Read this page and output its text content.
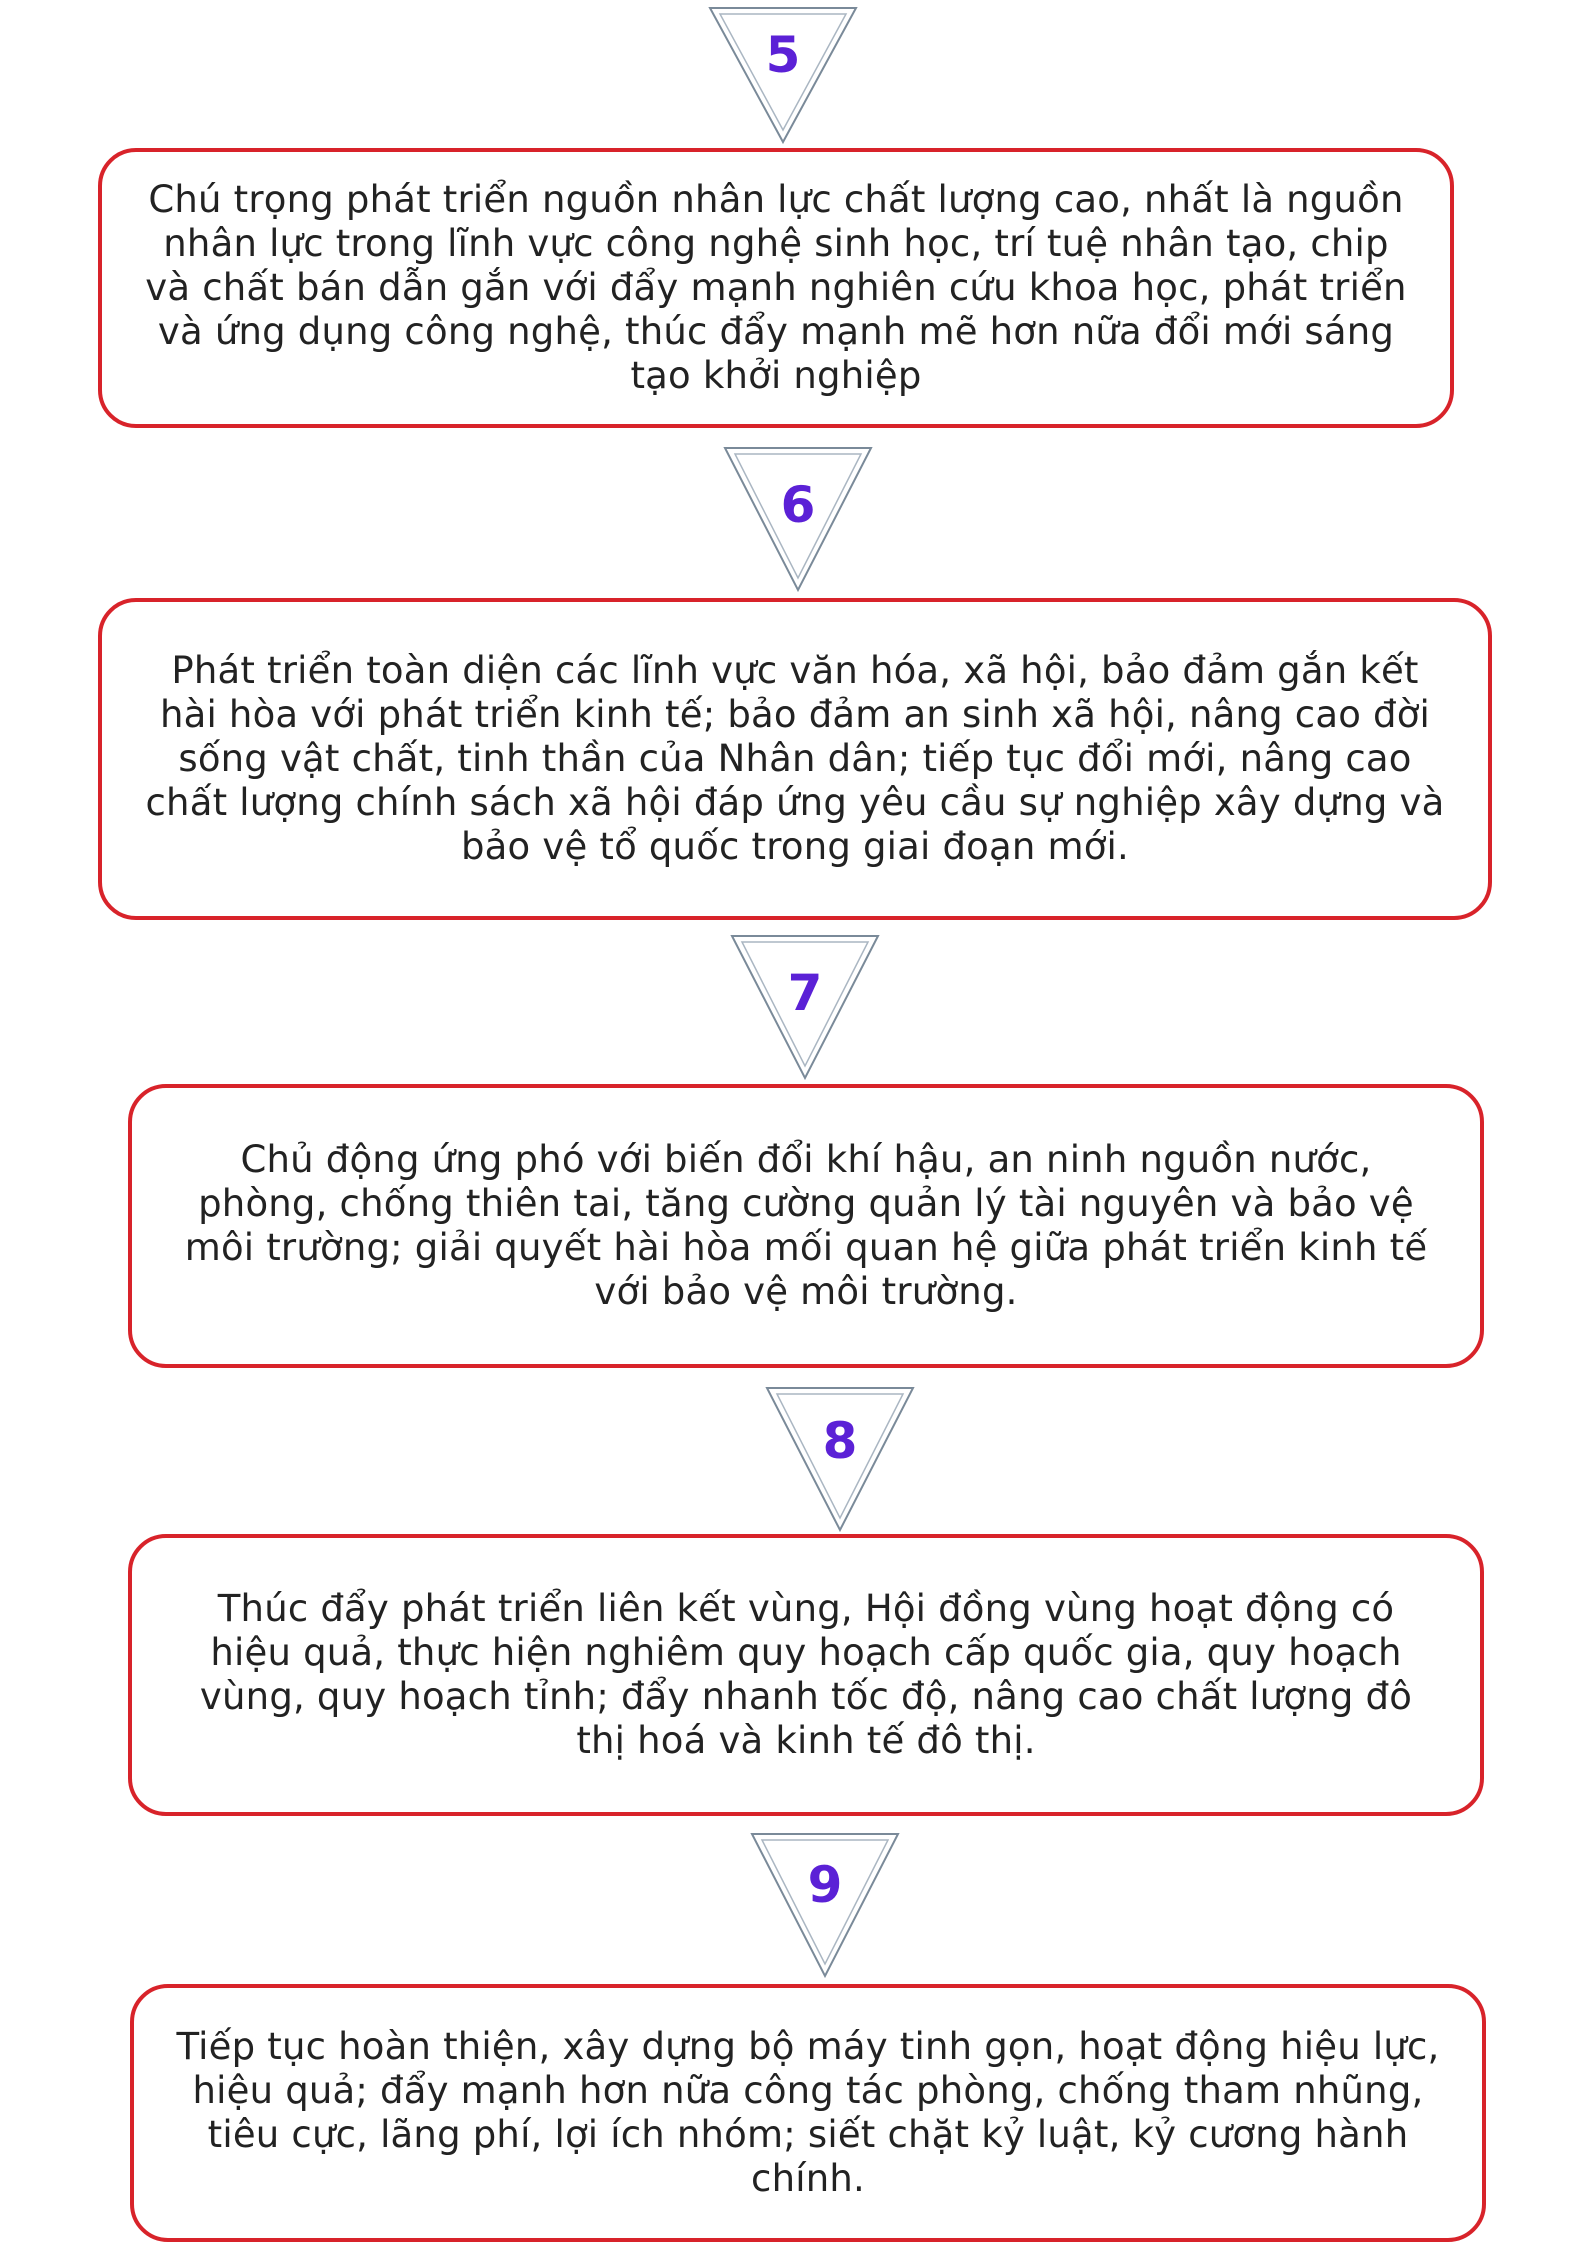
5

Chú trọng phát triển nguồn nhân lực chất lượng cao, nhất là nguồn nhân lực trong lĩnh vực công nghệ sinh học, trí tuệ nhân tạo, chip và chất bán dẫn gắn với đẩy mạnh nghiên cứu khoa học, phát triển và ứng dụng công nghệ, thúc đẩy mạnh mẽ hơn nữa đổi mới sáng tạo khởi nghiệp

6

Phát triển toàn diện các lĩnh vực văn hóa, xã hội, bảo đảm gắn kết hài hòa với phát triển kinh tế; bảo đảm an sinh xã hội, nâng cao đời sống vật chất, tinh thần của Nhân dân; tiếp tục đổi mới, nâng cao chất lượng chính sách xã hội đáp ứng yêu cầu sự nghiệp xây dựng và bảo vệ tổ quốc trong giai đoạn mới.

7

Chủ động ứng phó với biến đổi khí hậu, an ninh nguồn nước, phòng, chống thiên tai, tăng cường quản lý tài nguyên và bảo vệ môi trường; giải quyết hài hòa mối quan hệ giữa phát triển kinh tế với bảo vệ môi trường.

8

Thúc đẩy phát triển liên kết vùng, Hội đồng vùng hoạt động có hiệu quả, thực hiện nghiêm quy hoạch cấp quốc gia, quy hoạch vùng, quy hoạch tỉnh; đẩy nhanh tốc độ, nâng cao chất lượng đô thị hoá và kinh tế đô thị.

9

Tiếp tục hoàn thiện, xây dựng bộ máy tinh gọn, hoạt động hiệu lực, hiệu quả; đẩy mạnh hơn nữa công tác phòng, chống tham nhũng, tiêu cực, lãng phí, lợi ích nhóm; siết chặt kỷ luật, kỷ cương hành chính.
